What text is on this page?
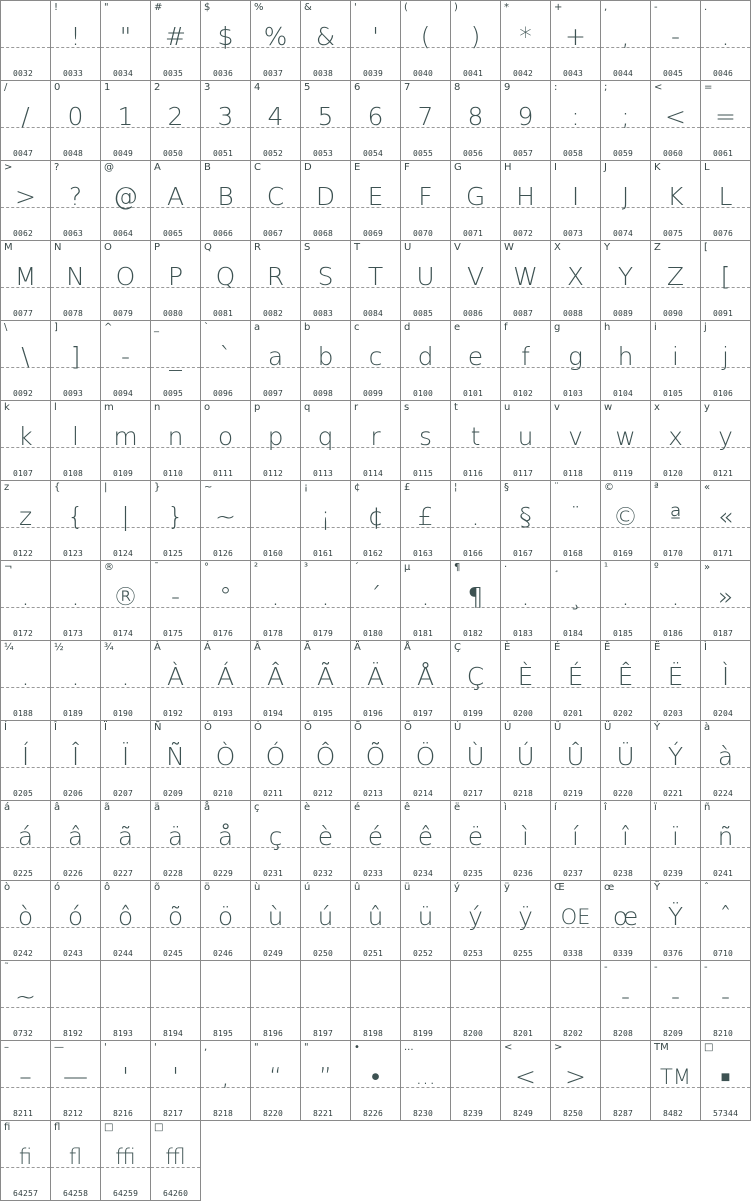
0032
!
!
0033
"
"
0034
#
#
0035
$
$
0036
%
%
0037
&
&
0038
'
'
0039
(
(
0040
)
)
0041
*
*
0042
+
+
0043
,
,
0044
-
-
0045
.
.
0046
/
/
0047
0
0
0048
1
1
0049
2
2
0050
3
3
0051
4
4
0052
5
5
0053
6
6
0054
7
7
0055
8
8
0056
9
9
0057
:
:
0058
;
;
0059
<
<
0060
=
=
0061
>
>
0062
?
?
0063
@
@
0064
A
A
0065
B
B
0066
C
C
0067
D
D
0068
E
E
0069
F
F
0070
G
G
0071
H
H
0072
I
I
0073
J
J
0074
K
K
0075
L
L
0076
M
M
0077
N
N
0078
O
O
0079
P
P
0080
Q
Q
0081
R
R
0082
S
S
0083
T
T
0084
U
U
0085
V
V
0086
W
W
0087
X
X
0088
Y
Y
0089
Z
Z
0090
[
[
0091
\
\
0092
]
]
0093
^
-
0094
_
_
0095
`
`
0096
a
a
0097
b
b
0098
c
c
0099
d
d
0100
e
e
0101
f
f
0102
g
g
0103
h
h
0104
i
i
0105
j
j
0106
k
k
0107
l
l
0108
m
m
0109
n
n
0110
o
o
0111
p
p
0112
q
q
0113
r
r
0114
s
s
0115
t
t
0116
u
u
0117
v
v
0118
w
w
0119
x
x
0120
y
y
0121
z
z
0122
{
{
0123
|
|
0124
}
}
0125
~
~
0126	0160
¡
¡
0161
¢
¢
0162
£
£
0163
¦
.
0166
§
§
0167
¨
¨
0168
©
©
0169
ª
ª
0170
«
«
0171
¬
.
0172
.
0173
®
®
0174
¯
-
0175
°
°
0176
²
.
0178
³
.
0179
´
´
0180
µ
.
0181
¶
¶
0182
·
.
0183
¸
¸
0184
¹
.
0185
º
.
0186
»
»
0187
¼
.
0188
½
.
0189
¾
.
0190
À
À
0192
Á
Á
0193
Â
Â
0194
Ã
Ã
0195
Ä
Ä
0196
Å
Å
0197
Ç
Ç
0199
È
È
0200
É
É
0201
Ê
Ê
0202
Ë
Ë
0203
Ì
Ì
0204
Í
Í
0205
Î
Î
0206
Ï
Ï
0207
Ñ
Ñ
0209
Ò
Ò
0210
Ó
Ó
0211
Ô
Ô
0212
Õ
Õ
0213
Ö
Ö
0214
Ù
Ù
0217
Ú
Ú
0218
Û
Û
0219
Ü
Ü
0220
Ý
Ý
0221
à
à
0224
á
á
0225
â
â
0226
ã
ã
0227
ä
ä
0228
å
å
0229
ç
ç
0231
è
è
0232
é
é
0233
ê
ê
0234
ë
ë
0235
ì
ì
0236
í
í
0237
î
î
0238
ï
ï
0239
ñ
ñ
0241
ò
ò
0242
ó
ó
0243
ô
ô
0244
õ
õ
0245
ö
ö
0246
ù
ù
0249
ú
ú
0250
û
û
0251
ü
ü
0252
ý
ý
0253
ÿ
ÿ
0255
Œ
OE
0338
œ
œ
0339
Ÿ
Ÿ
0376
ˆ
ˆ
0710
˜
~
0732	8192	8193	8194	8195	8196	8197	8198	8199	8200	8201	8202
-
-
8208
-
-
8209
-
-
8210
–
–
8211
—
—
8212
'
'
8216
'
'
8217
,
,
8218
"
“
8220
"
”
8221
•
•
8226
...
...
8230	8239
<
<
8249
>
>
8250	8287
TM
TM
8482
□
■
57344
fi
fi
64257
fl
fl
64258
□
ffi
64259
□
ffl
64260
